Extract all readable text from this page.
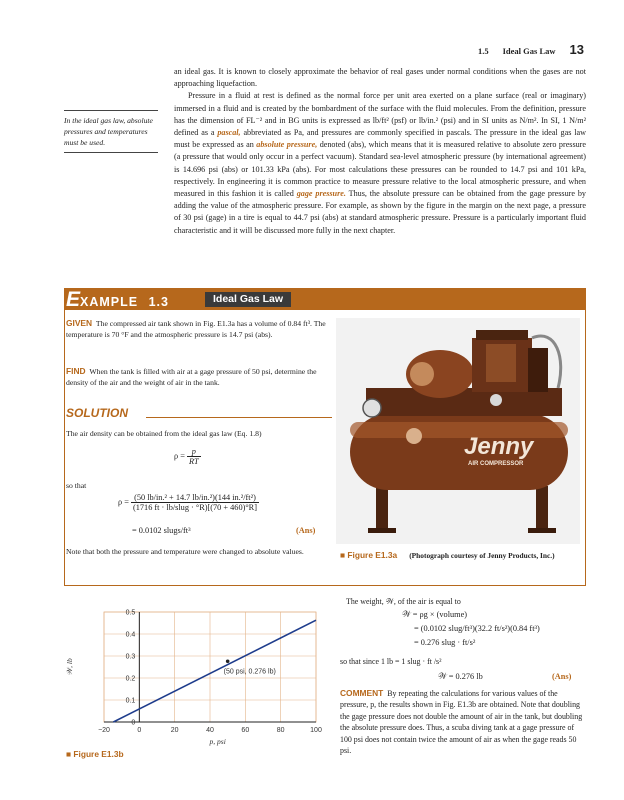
1.5 Ideal Gas Law 13
In the ideal gas law, absolute pressures and temperatures must be used.

an ideal gas. It is known to closely approximate the behavior of real gases under normal conditions when the gases are not approaching liquefaction.

Pressure in a fluid at rest is defined as the normal force per unit area exerted on a plane surface (real or imaginary) immersed in a fluid and is created by the bombardment of the surface with the fluid molecules. From the definition, pressure has the dimension of FL⁻² and in BG units is expressed as lb/ft² (psf) or lb/in.² (psi) and in SI units as N/m². In SI, 1 N/m² defined as a pascal, abbreviated as Pa, and pressures are commonly specified in pascals. The pressure in the ideal gas law must be expressed as an absolute pressure, denoted (abs), which means that it is measured relative to absolute zero pressure (a pressure that would only occur in a perfect vacuum). Standard sea-level atmospheric pressure (by international agreement) is 14.696 psi (abs) or 101.33 kPa (abs). For most calculations these pressures can be rounded to 14.7 psi and 101 kPa, respectively. In engineering it is common practice to measure pressure relative to the local atmospheric pressure, and when measured in this fashion it is called gage pressure. Thus, the absolute pressure can be obtained from the gage pressure by adding the value of the atmospheric pressure. For example, as shown by the figure in the margin on the next page, a pressure of 30 psi (gage) in a tire is equal to 44.7 psi (abs) at standard atmospheric pressure. Pressure is a particularly important fluid characteristic and it will be discussed more fully in the next chapter.

EXAMPLE 1.3	Ideal Gas Law
GIVEN The compressed air tank shown in Fig. E1.3a has a volume of 0.84 ft³. The temperature is 70 °F and the atmospheric pressure is 14.7 psi (abs).
FIND When the tank is filled with air at a gage pressure of 50 psi, determine the density of the air and the weight of air in the tank.
SOLUTION
The air density can be obtained from the ideal gas law (Eq. 1.8)
$\rho = \frac{p}{RT}$
so that
$\rho = \frac{\text{(50 lb/in.² + 14.7 lb/in.²)(144 in.²/ft²)}}{\text{(1716 ft · lb/slug · °R)[(70 + 460)°R]}}$
= 0.0102 slugs/ft³	(Ans)
Note that both the pressure and temperature were changed to absolute values.
Jenny
AIR COMPRESSOR
■ Figure E1.3a (Photograph courtesy of Jenny Products, Inc.)
−20	0	20	40	60	80	100
0
0.1
0.2
0.3
0.4
0.5
(50 psi, 0.276 lb)
p, psi
𝒲, lb
■ Figure E1.3b
The weight, 𝒲, of the air is equal to
𝒲 = ρg × (volume)
= (0.0102 slug/ft³)(32.2 ft/s²)(0.84 ft³)
= 0.276 slug · ft/s²
so that since 1 lb = 1 slug · ft /s²
𝒲 = 0.276 lb	(Ans)
COMMENT By repeating the calculations for various values of the pressure, p, the results shown in Fig. E1.3b are obtained. Note that doubling the gage pressure does not double the amount of air in the tank, but doubling the absolute pressure does. Thus, a scuba diving tank at a gage pressure of 100 psi does not contain twice the amount of air as when the gage reads 50 psi.
